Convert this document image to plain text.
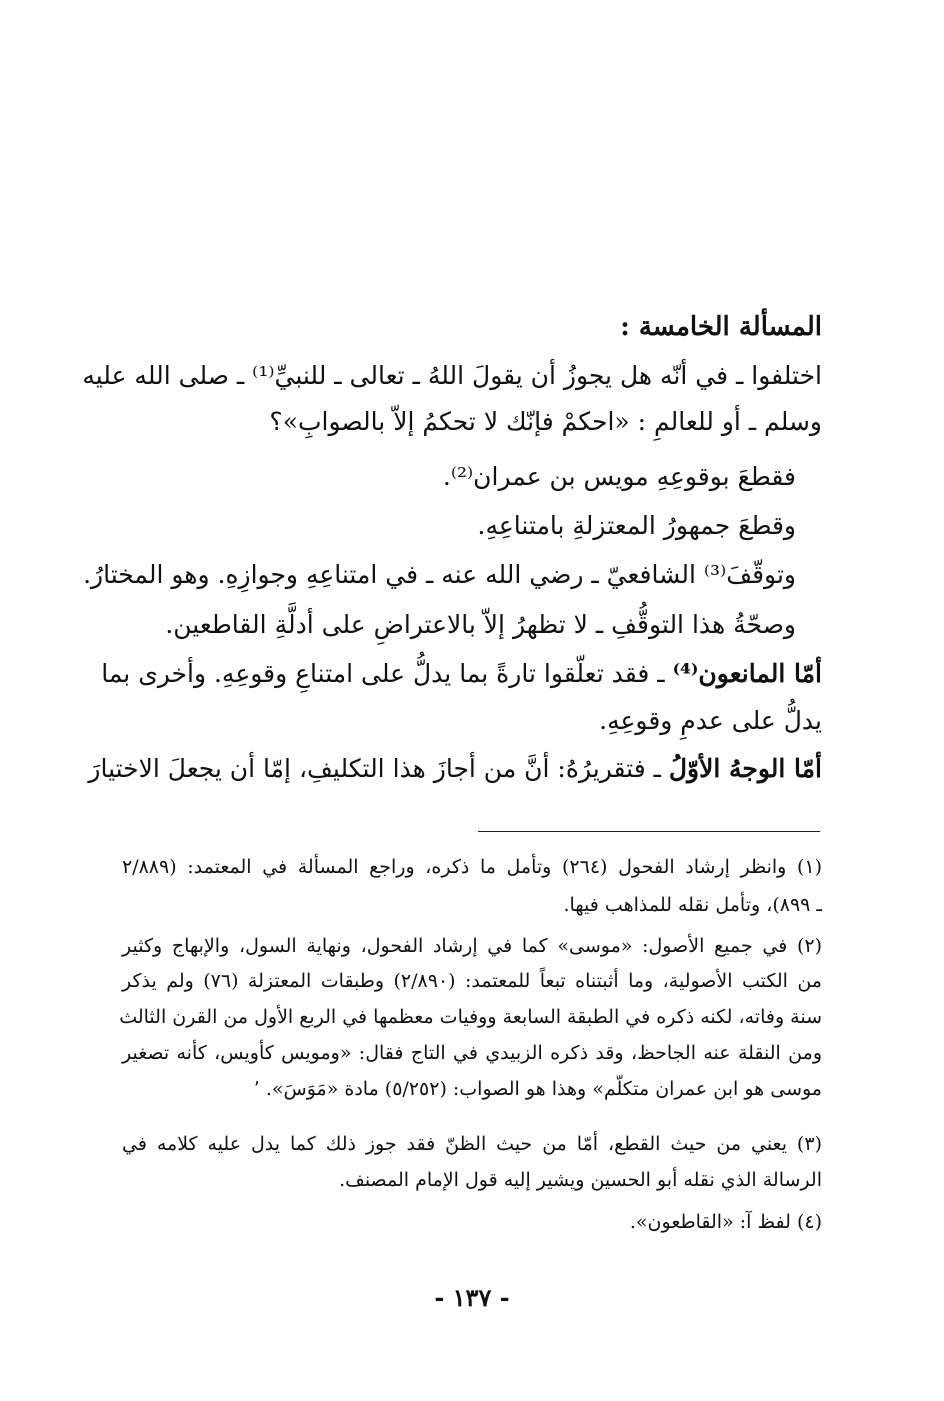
المسألة الخامسة :
اختلفوا ـ في أنّه هل يجوزُ أن يقولَ اللهُ ـ تعالى ـ للنبيِّ⁽¹⁾ ـ صلى الله عليه
وسلم ـ أو للعالمِ : «احكمْ فإنّك لا تحكمُ إلاّ بالصوابِ»؟
فقطعَ بوقوعِهِ مويس بن عمران⁽²⁾.
وقطعَ جمهورُ المعتزلةِ بامتناعِهِ.
وتوقّفَ⁽³⁾ الشافعيّ ـ رضي الله عنه ـ في امتناعِهِ وجوازِهِ. وهو المختارُ.
وصحّةُ هذا التوقُّفِ ـ لا تظهرُ إلاّ بالاعتراضِ على أدلَّةِ القاطعين.
أمّا المانعون⁽⁴⁾ ـ فقد تعلّقوا تارةً بما يدلُّ على امتناعِ وقوعِهِ. وأخرى بما
يدلُّ على عدمِ وقوعِهِ.
أمّا الوجهُ الأوّلُ ـ فتقريرُهُ: أنَّ من أجازَ هذا التكليفِ، إمّا أن يجعلَ الاختيارَ
(١) وانظر إرشاد الفحول (٢٦٤) وتأمل ما ذكره، وراجع المسألة في المعتمد: (٢/٨٨٩
ـ ٨٩٩)، وتأمل نقله للمذاهب فيها.
(٢) في جميع الأصول: «موسى» كما في إرشاد الفحول، ونهاية السول، والإبهاج وكثير
من الكتب الأصولية، وما أثبتناه تبعاً للمعتمد: (٢/٨٩٠) وطبقات المعتزلة (٧٦) ولم يذكر
سنة وفاته، لكنه ذكره في الطبقة السابعة ووفيات معظمها في الربع الأول من القرن الثالث
ومن النقلة عنه الجاحظ، وقد ذكره الزبيدي في التاج فقال: «ومويس كأويس، كأنه تصغير
موسى هو ابن عمران متكلّم» وهذا هو الصواب: (٥/٢٥٢) مادة «مَوَسَ». ٬
(٣) يعني من حيث القطع، أمّا من حيث الظنّ فقد جوز ذلك كما يدل عليه كلامه في
الرسالة الذي نقله أبو الحسين ويشير إليه قول الإمام المصنف.
(٤) لفظ آ: «القاطعون».
- ١٣٧ -
